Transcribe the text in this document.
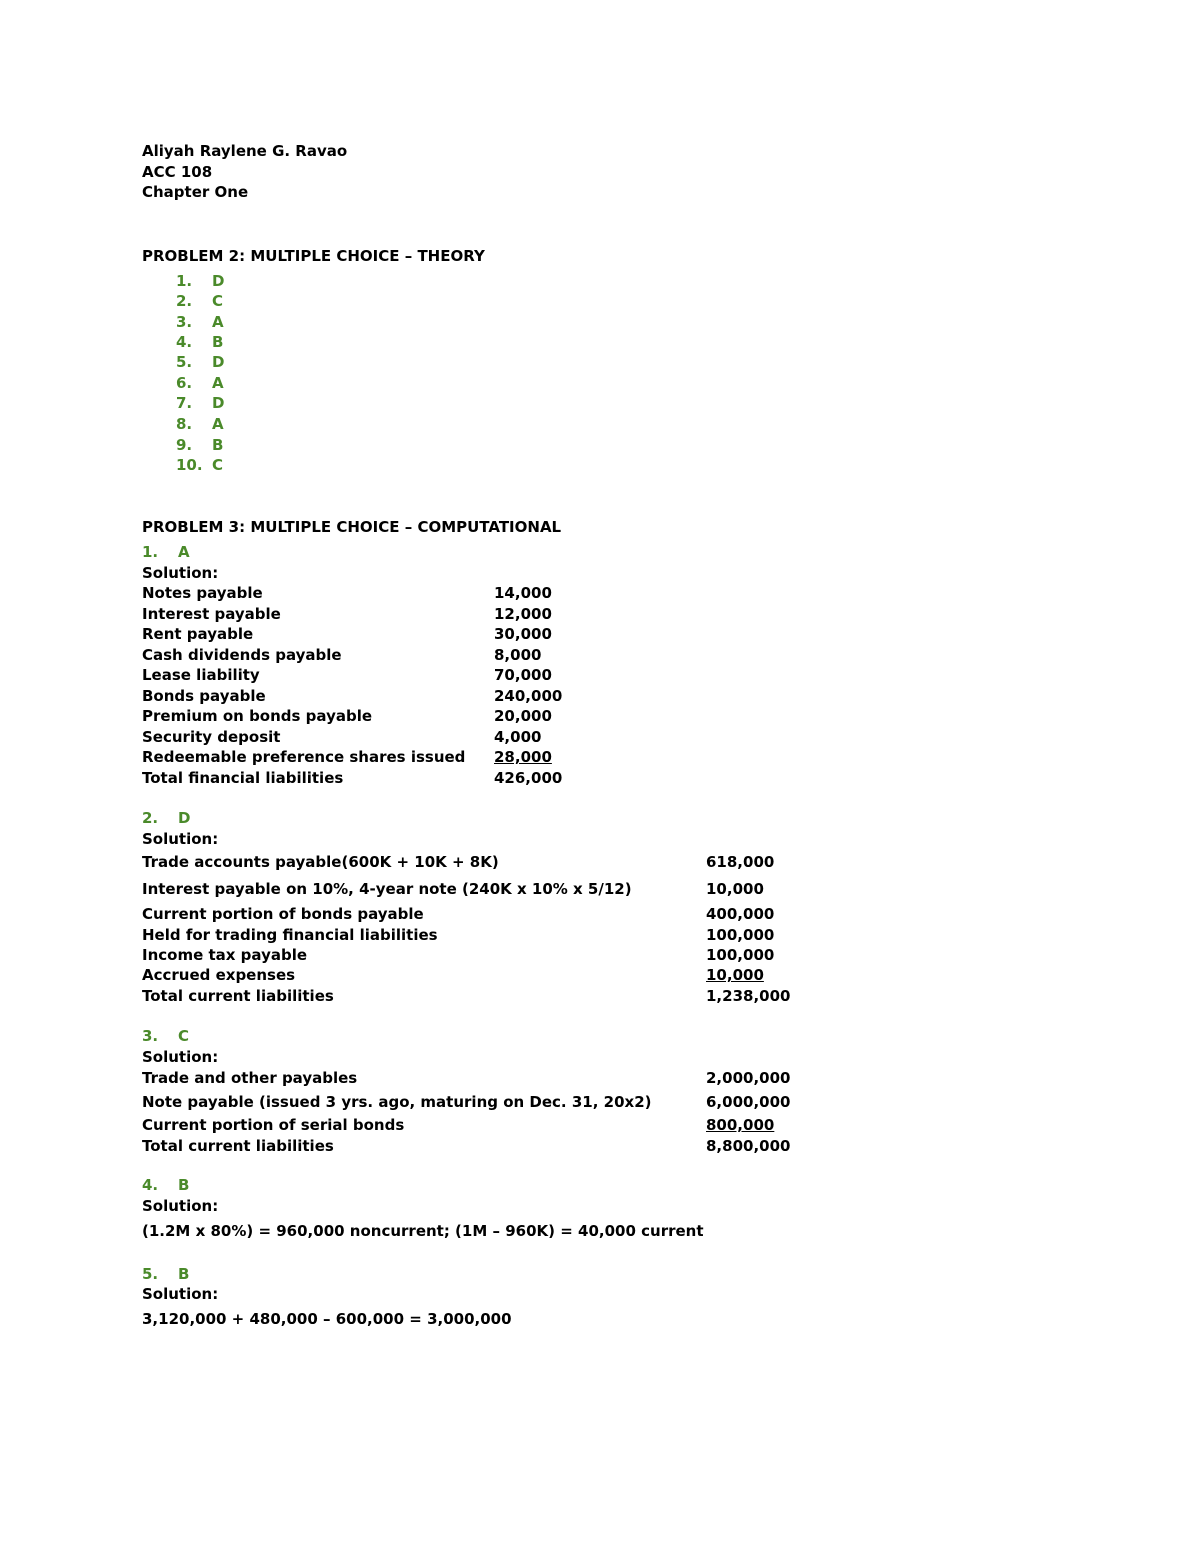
Aliyah Raylene G. Ravao
ACC 108
Chapter One
PROBLEM 2: MULTIPLE CHOICE – THEORY
1. D
2. C
3. A
4. B
5. D
6. A
7. D
8. A
9. B
10. C
PROBLEM 3: MULTIPLE CHOICE – COMPUTATIONAL
1. A
Solution:
Notes payable	14,000
Interest payable	12,000
Rent payable	30,000
Cash dividends payable	8,000
Lease liability	70,000
Bonds payable	240,000
Premium on bonds payable	20,000
Security deposit	4,000
Redeemable preference shares issued 28,000
Total financial liabilities	426,000
2. D
Solution:
Trade accounts payable(600K + 10K + 8K)	618,000
Interest payable on 10%, 4-year note (240K x 10% x 5/12)	10,000
Current portion of bonds payable	400,000
Held for trading financial liabilities	100,000
Income tax payable	100,000
Accrued expenses	10,000
Total current liabilities	1,238,000
3. C
Solution:
Trade and other payables	2,000,000
Note payable (issued 3 yrs. ago, maturing on Dec. 31, 20x2)	6,000,000
Current portion of serial bonds	800,000
Total current liabilities	8,800,000
4. B
Solution:
(1.2M x 80%) = 960,000 noncurrent; (1M – 960K) = 40,000 current
5. B
Solution:
3,120,000 + 480,000 – 600,000 = 3,000,000
